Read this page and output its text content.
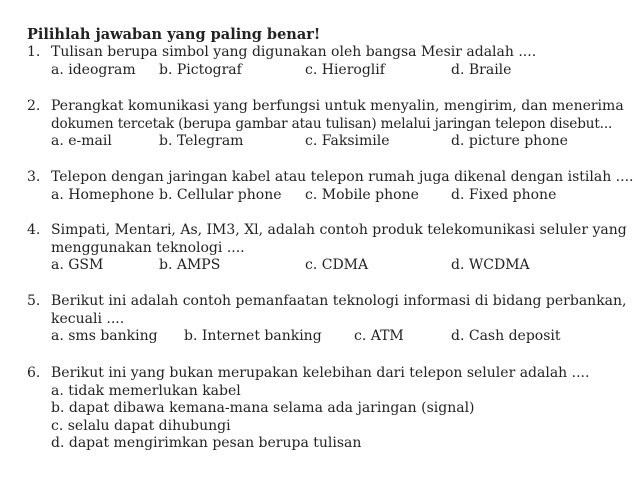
Pilihlah jawaban yang paling benar!
1. Tulisan berupa simbol yang digunakan oleh bangsa Mesir adalah ....
a. ideogram b. Pictograf	c. Hieroglif	d. Braile
2. Perangkat komunikasi yang berfungsi untuk menyalin, mengirim, dan menerima
dokumen tercetak (berupa gambar atau tulisan) melalui jaringan telepon disebut...
a. e-mail	b. Telegram	c. Faksimile	d. picture phone
3. Telepon dengan jaringan kabel atau telepon rumah juga dikenal dengan istilah ....
a. Homephone b. Cellular phone c. Mobile phone d. Fixed phone
4. Simpati, Mentari, As, IM3, Xl, adalah contoh produk telekomunikasi seluler yang
menggunakan teknologi ....
a. GSM	b. AMPS	c. CDMA	d. WCDMA
5. Berikut ini adalah contoh pemanfaatan teknologi informasi di bidang perbankan,
kecuali ....
a. sms banking b. Internet banking c. ATM	d. Cash deposit
6. Berikut ini yang bukan merupakan kelebihan dari telepon seluler adalah ....
a. tidak memerlukan kabel
b. dapat dibawa kemana-mana selama ada jaringan (signal)
c. selalu dapat dihubungi
d. dapat mengirimkan pesan berupa tulisan
